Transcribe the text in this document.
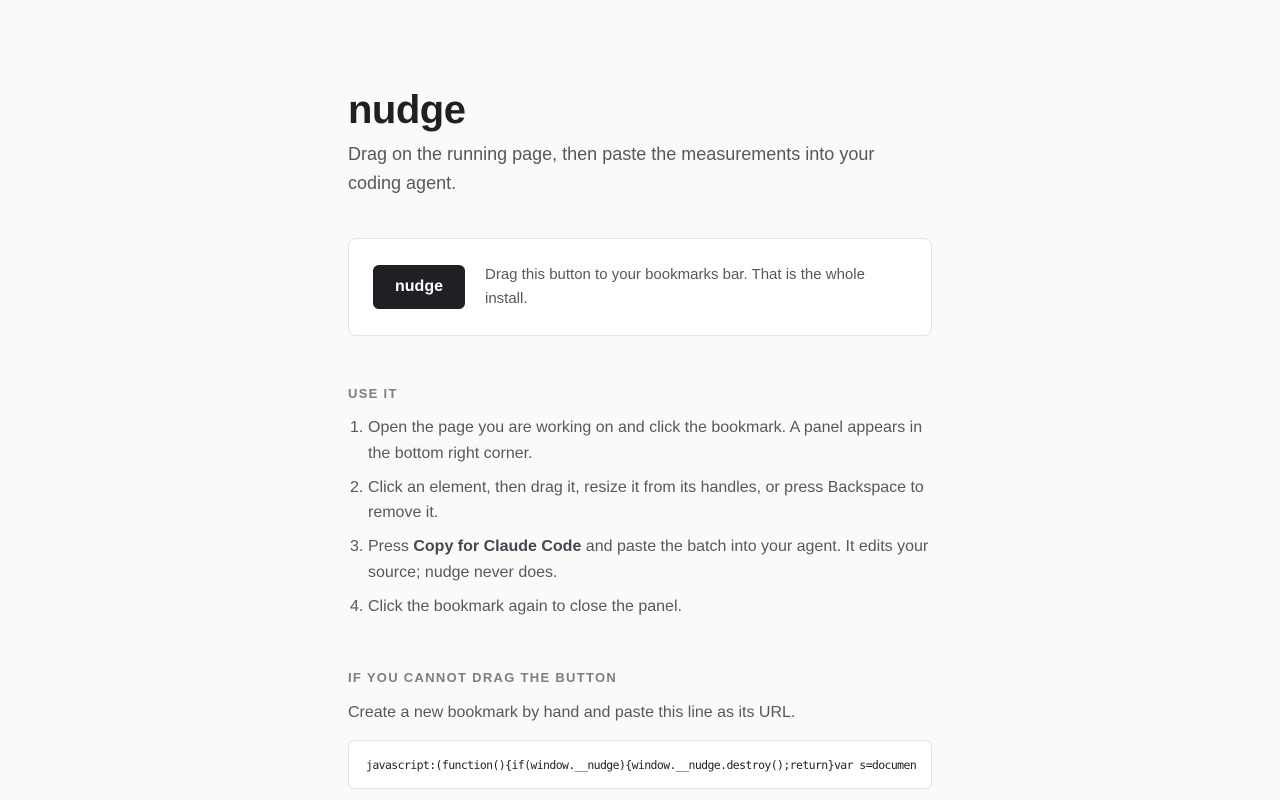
nudge

Drag on the running page, then paste the measurements into your coding agent.

nudge

Drag this button to your bookmarks bar. That is the whole install.

USE IT
Open the page you are working on and click the bookmark. A panel appears in the bottom right corner.
Click an element, then drag it, resize it from its handles, or press Backspace to remove it.
Press Copy for Claude Code and paste the batch into your agent. It edits your source; nudge never does.
Click the bookmark again to close the panel.
IF YOU CANNOT DRAG THE BUTTON

Create a new bookmark by hand and paste this line as its URL.

javascript:(function(){if(window.__nudge){window.__nudge.destroy();return}var s=documen
